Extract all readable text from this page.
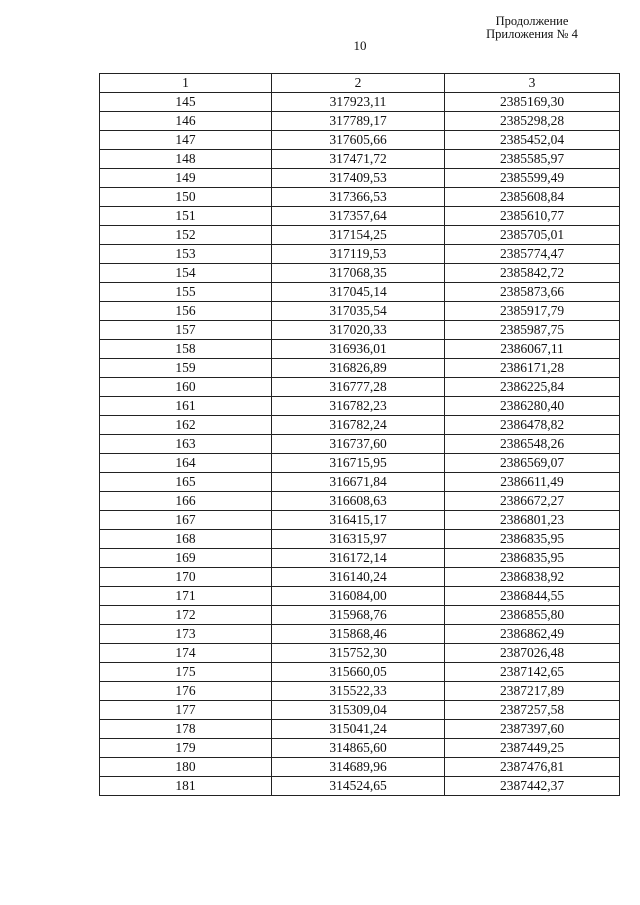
Продолжение
Приложения № 4
10
1	2	3
145	317923,11	2385169,30
146	317789,17	2385298,28
147	317605,66	2385452,04
148	317471,72	2385585,97
149	317409,53	2385599,49
150	317366,53	2385608,84
151	317357,64	2385610,77
152	317154,25	2385705,01
153	317119,53	2385774,47
154	317068,35	2385842,72
155	317045,14	2385873,66
156	317035,54	2385917,79
157	317020,33	2385987,75
158	316936,01	2386067,11
159	316826,89	2386171,28
160	316777,28	2386225,84
161	316782,23	2386280,40
162	316782,24	2386478,82
163	316737,60	2386548,26
164	316715,95	2386569,07
165	316671,84	2386611,49
166	316608,63	2386672,27
167	316415,17	2386801,23
168	316315,97	2386835,95
169	316172,14	2386835,95
170	316140,24	2386838,92
171	316084,00	2386844,55
172	315968,76	2386855,80
173	315868,46	2386862,49
174	315752,30	2387026,48
175	315660,05	2387142,65
176	315522,33	2387217,89
177	315309,04	2387257,58
178	315041,24	2387397,60
179	314865,60	2387449,25
180	314689,96	2387476,81
181	314524,65	2387442,37
